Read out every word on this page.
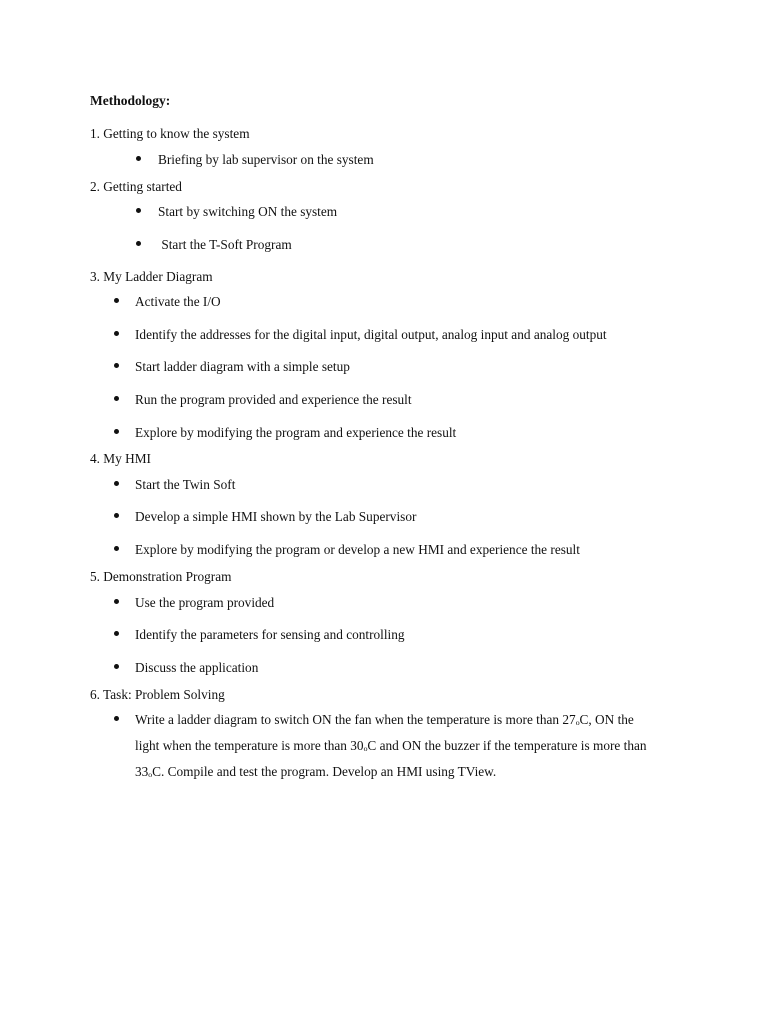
Methodology:
1. Getting to know the system
Briefing by lab supervisor on the system
2. Getting started
Start by switching ON the system
Start the T-Soft Program
3. My Ladder Diagram
Activate the I/O
Identify the addresses for the digital input, digital output, analog input and analog output
Start ladder diagram with a simple setup
Run the program provided and experience the result
Explore by modifying the program and experience the result
4. My HMI
Start the Twin Soft
Develop a simple HMI shown by the Lab Supervisor
Explore by modifying the program or develop a new HMI and experience the result
5. Demonstration Program
Use the program provided
Identify the parameters for sensing and controlling
Discuss the application
6. Task: Problem Solving
Write a ladder diagram to switch ON the fan when the temperature is more than 27ₒC, ON the
light when the temperature is more than 30ₒC and ON the buzzer if the temperature is more than
33ₒC. Compile and test the program. Develop an HMI using TView.
